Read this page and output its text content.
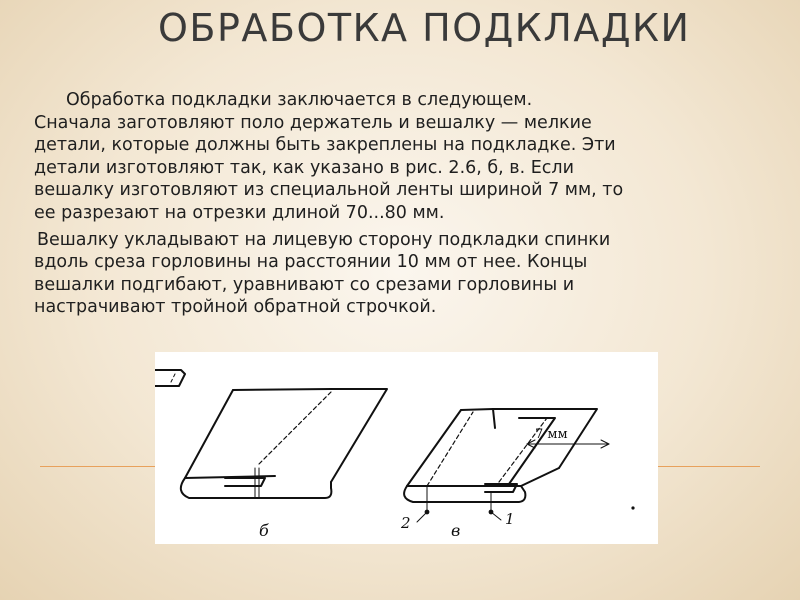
ОБРАБОТКА ПОДКЛАДКИ

Обработка подкладки заключается в следующем.
Сначала заготовляют поло держатель и вешалку — мелкие
детали, которые должны быть закреплены на подкладке. Эти
детали изготовляют так, как указано в рис. 2.6, б, в. Если
вешалку изготовляют из специальной ленты шириной 7 мм, то
ее разрезают на отрезки длиной 70...80 мм.

Вешалку укладывают на лицевую сторону подкладки спинки
вдоль среза горловины на расстоянии 10 мм от нее. Концы
вешалки подгибают, уравнивают со срезами горловины и
настрачивают тройной обратной строчкой.

б	в
2	1
7 мм
